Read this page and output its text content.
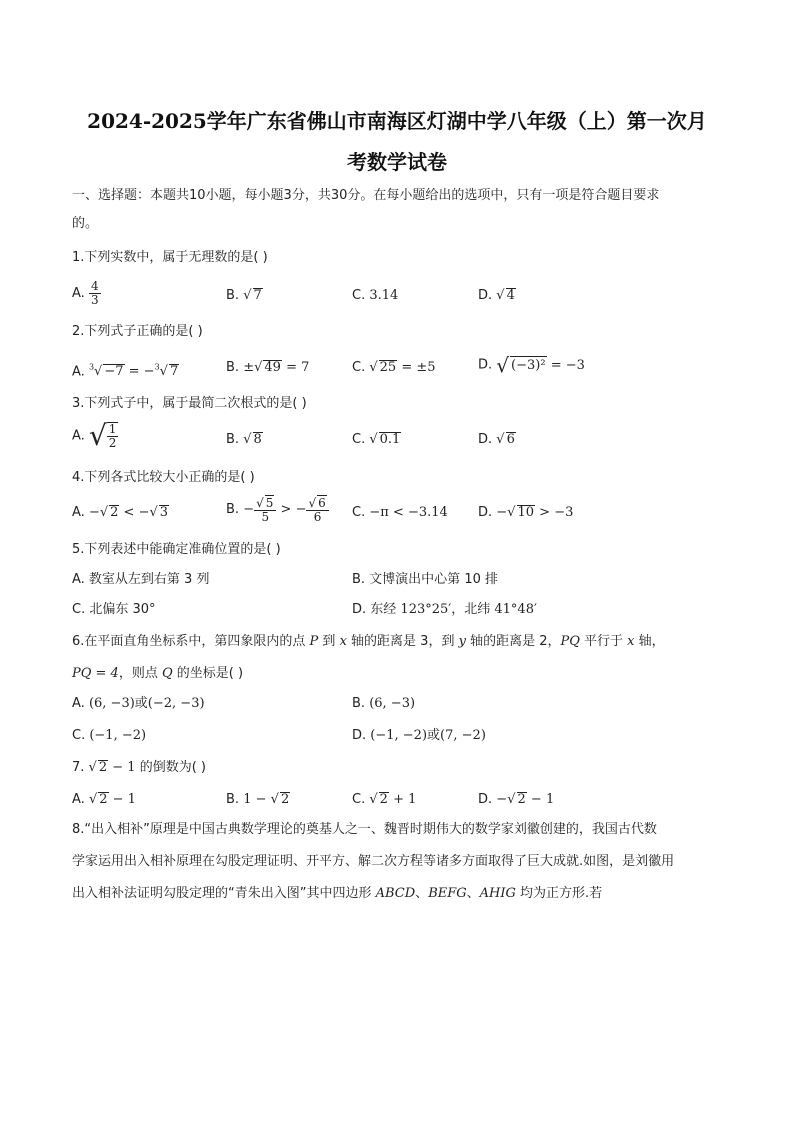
2024-2025学年广东省佛山市南海区灯湖中学八年级（上）第一次月
考数学试卷
一、选择题：本题共10小题，每小题3分，共30分。在每小题给出的选项中，只有一项是符合题目要求
的。
1.下列实数中，属于无理数的是( )
A. $\frac{4}{3}$	B. √ 7	C. 3.14	D. √ 4
2.下列式子正确的是( )
A. $^3$√ −7 = −$^3$√ 7	B. ±√ 49 = 7	C. √ 25 = ±5	D. √ (−3)² = −3
3.下列式子中，属于最简二次根式的是( )
A. √ $\frac{1}{2}$	B. √ 8	C. √ 0.1	D. √ 6
4.下列各式比较大小正确的是( )
A. −√ 2 < −√ 3	B. − $\frac{√ 5}{5}$ > − $\frac{√ 6}{6} C$. −π < −3.14 D. −√ 10 > −3
5.下列表述中能确定准确位置的是( )
A. 教室从左到右第 3 列	B. 文博演出中心第 10 排
C. 北偏东 30°	D. 东经 123°25′，北纬 41°48′
6.在平面直角坐标系中，第四象限内的点 P 到 x 轴的距离是 3，到 y 轴的距离是 2，PQ 平行于 x 轴，
PQ = 4，则点 Q 的坐标是( )
A. (6, −3)或(−2, −3)	B. (6, −3)
C. (−1, −2)	D. (−1, −2)或(7, −2)
7. √ 2 − 1 的倒数为( )
A. √ 2 − 1	B. 1 − √ 2	C. √ 2 + 1	D. −√ 2 − 1
8.“出入相补”原理是中国古典数学理论的奠基人之一、魏晋时期伟大的数学家刘徽创建的，我国古代数
学家运用出入相补原理在勾股定理证明、开平方、解二次方程等诸多方面取得了巨大成就.如图，是刘徽用
出入相补法证明勾股定理的“青朱出入图”其中四边形 ABCD、BEFG、AHIG 均为正方形.若
